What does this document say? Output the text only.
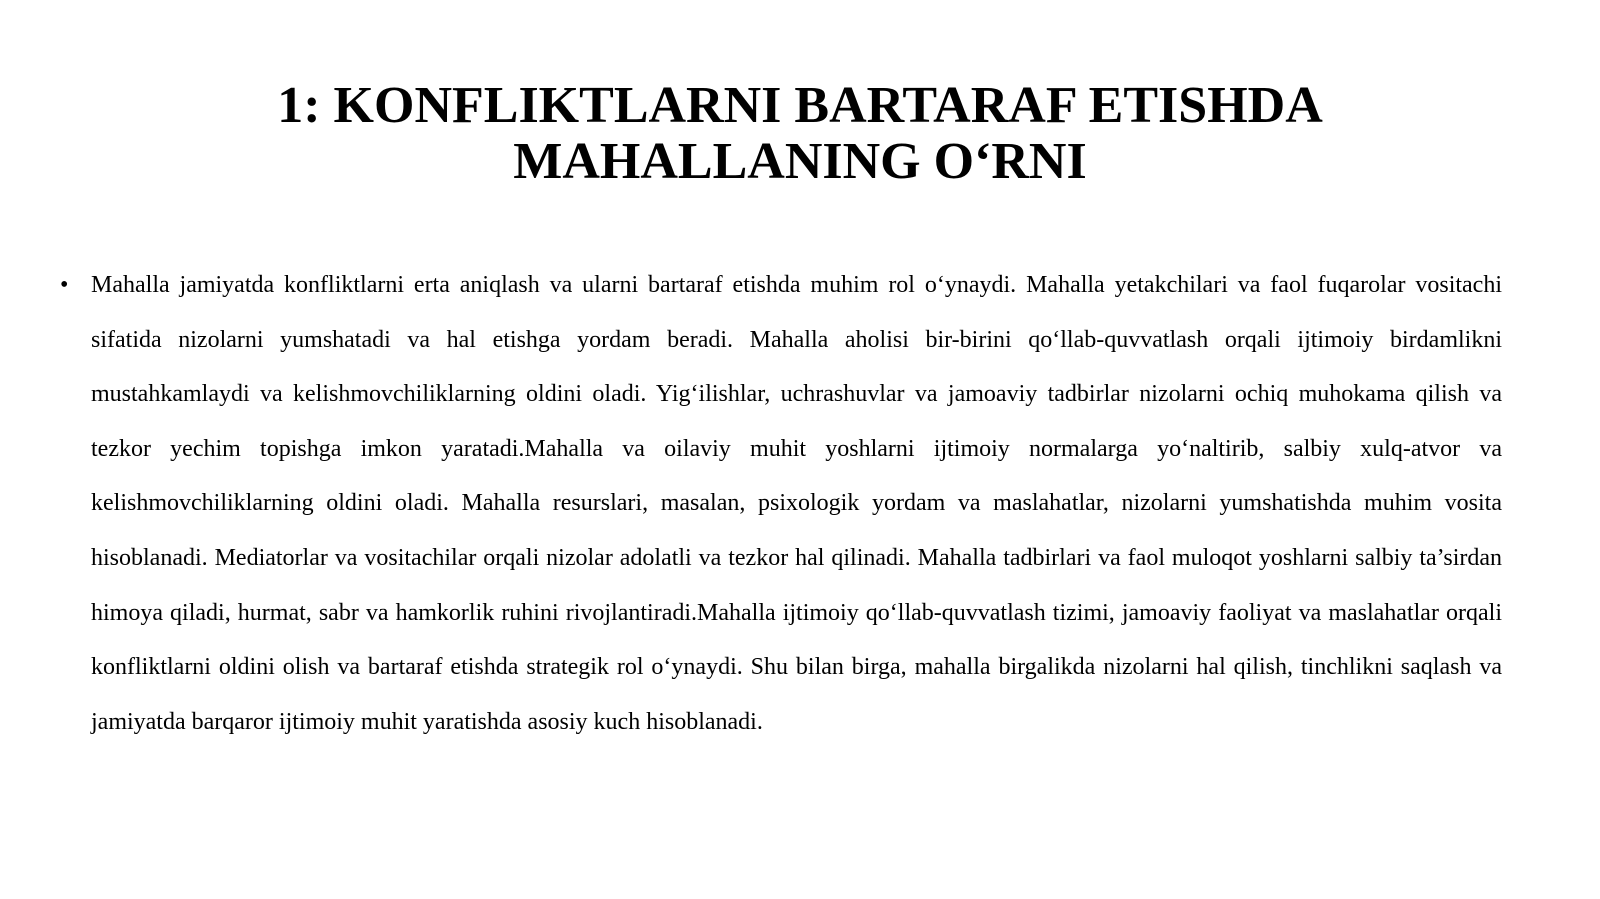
1: KONFLIKTLARNI BARTARAF ETISHDA
MAHALLANING O‘RNI
• Mahalla jamiyatda konfliktlarni erta aniqlash va ularni bartaraf etishda muhim rol o‘ynaydi. Mahalla yetakchilari va faol fuqarolar vositachi sifatida nizolarni yumshatadi va hal etishga yordam beradi. Mahalla aholisi bir-birini qo‘llab-quvvatlash orqali ijtimoiy birdamlikni mustahkamlaydi va kelishmovchiliklarning oldini oladi. Yig‘ilishlar, uchrashuvlar va jamoaviy tadbirlar nizolarni ochiq muhokama qilish va tezkor yechim topishga imkon yaratadi.Mahalla va oilaviy muhit yoshlarni ijtimoiy normalarga yo‘naltirib, salbiy xulq-atvor va kelishmovchiliklarning oldini oladi. Mahalla resurslari, masalan, psixologik yordam va maslahatlar, nizolarni yumshatishda muhim vosita hisoblanadi. Mediatorlar va vositachilar orqali nizolar adolatli va tezkor hal qilinadi. Mahalla tadbirlari va faol muloqot yoshlarni salbiy ta’sirdan himoya qiladi, hurmat, sabr va hamkorlik ruhini rivojlantiradi.Mahalla ijtimoiy qo‘llab-quvvatlash tizimi, jamoaviy faoliyat va maslahatlar orqali konfliktlarni oldini olish va bartaraf etishda strategik rol o‘ynaydi. Shu bilan birga, mahalla birgalikda nizolarni hal qilish, tinchlikni saqlash va jamiyatda barqaror ijtimoiy muhit yaratishda asosiy kuch hisoblanadi.
